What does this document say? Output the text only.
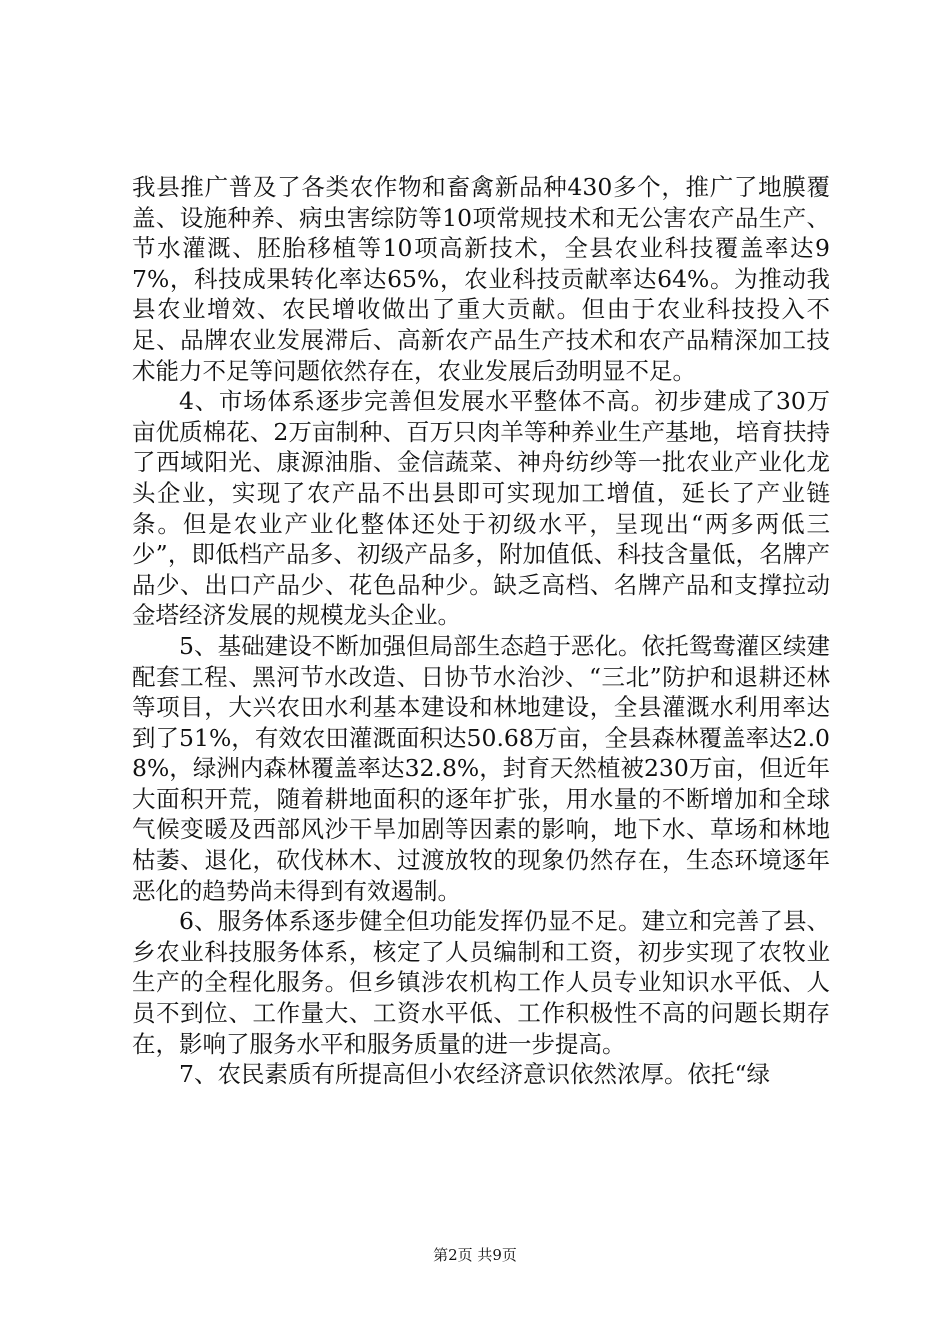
我县推广普及了各类农作物和畜禽新品种430多个，推广了地膜覆盖、设施种养、病虫害综防等10项常规技术和无公害农产品生产、节水灌溉、胚胎移植等10项高新技术，全县农业科技覆盖率达97%，科技成果转化率达65%，农业科技贡献率达64%。为推动我县农业增效、农民增收做出了重大贡献。但由于农业科技投入不足、品牌农业发展滞后、高新农产品生产技术和农产品精深加工技术能力不足等问题依然存在，农业发展后劲明显不足。

4、市场体系逐步完善但发展水平整体不高。初步建成了30万亩优质棉花、2万亩制种、百万只肉羊等种养业生产基地，培育扶持了西域阳光、康源油脂、金信蔬菜、神舟纺纱等一批农业产业化龙头企业，实现了农产品不出县即可实现加工增值，延长了产业链条。但是农业产业化整体还处于初级水平，呈现出“两多两低三少”，即低档产品多、初级产品多，附加值低、科技含量低，名牌产品少、出口产品少、花色品种少。缺乏高档、名牌产品和支撑拉动金塔经济发展的规模龙头企业。

5、基础建设不断加强但局部生态趋于恶化。依托鸳鸯灌区续建配套工程、黑河节水改造、日协节水治沙、“三北”防护和退耕还林等项目，大兴农田水利基本建设和林地建设，全县灌溉水利用率达到了51%，有效农田灌溉面积达50.68万亩，全县森林覆盖率达2.08%，绿洲内森林覆盖率达32.8%，封育天然植被230万亩，但近年大面积开荒，随着耕地面积的逐年扩张，用水量的不断增加和全球气候变暖及西部风沙干旱加剧等因素的影响，地下水、草场和林地枯萎、退化，砍伐林木、过渡放牧的现象仍然存在，生态环境逐年恶化的趋势尚未得到有效遏制。

6、服务体系逐步健全但功能发挥仍显不足。建立和完善了县、乡农业科技服务体系，核定了人员编制和工资，初步实现了农牧业生产的全程化服务。但乡镇涉农机构工作人员专业知识水平低、人员不到位、工作量大、工资水平低、工作积极性不高的问题长期存在，影响了服务水平和服务质量的进一步提高。

7、农民素质有所提高但小农经济意识依然浓厚。依托“绿

第2页 共9页
